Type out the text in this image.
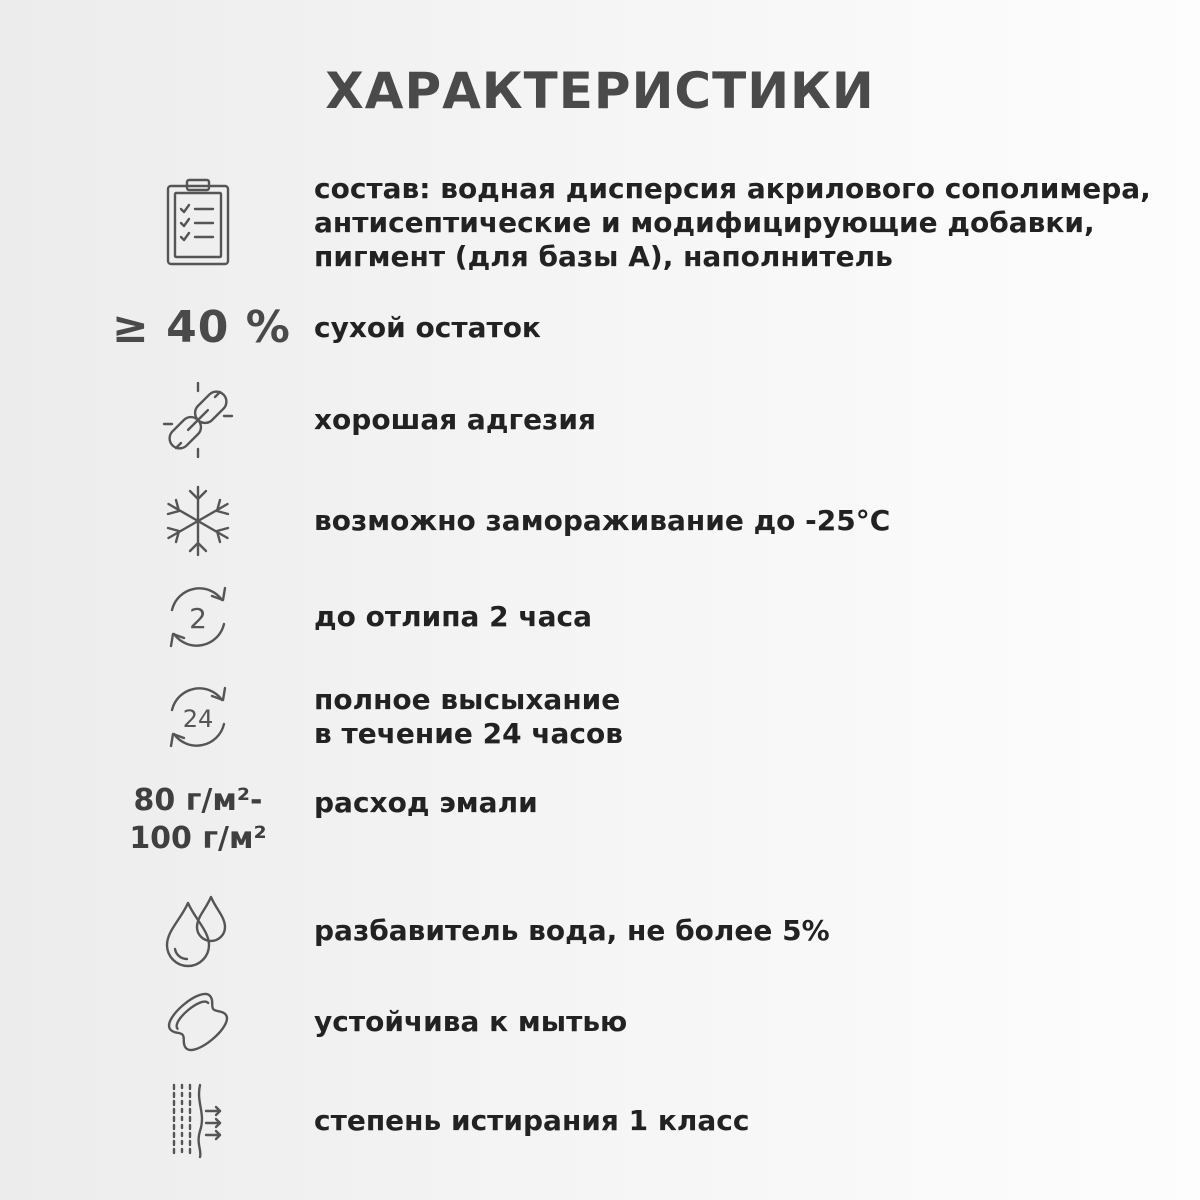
ХАРАКТЕРИСТИКИ
состав: водная дисперсия акрилового сополимера,
антисептические и модифицирующие добавки,
пигмент (для базы А), наполнитель
≥ 40 % сухой остаток
хорошая адгезия
возможно замораживание до -25°С
2	до отлипа 2 часа
24
полное высыхание
в течение 24 часов
80 г/м²-
100 г/м²
расход эмали
разбавитель вода, не более 5%
устойчива к мытью
степень истирания 1 класс
